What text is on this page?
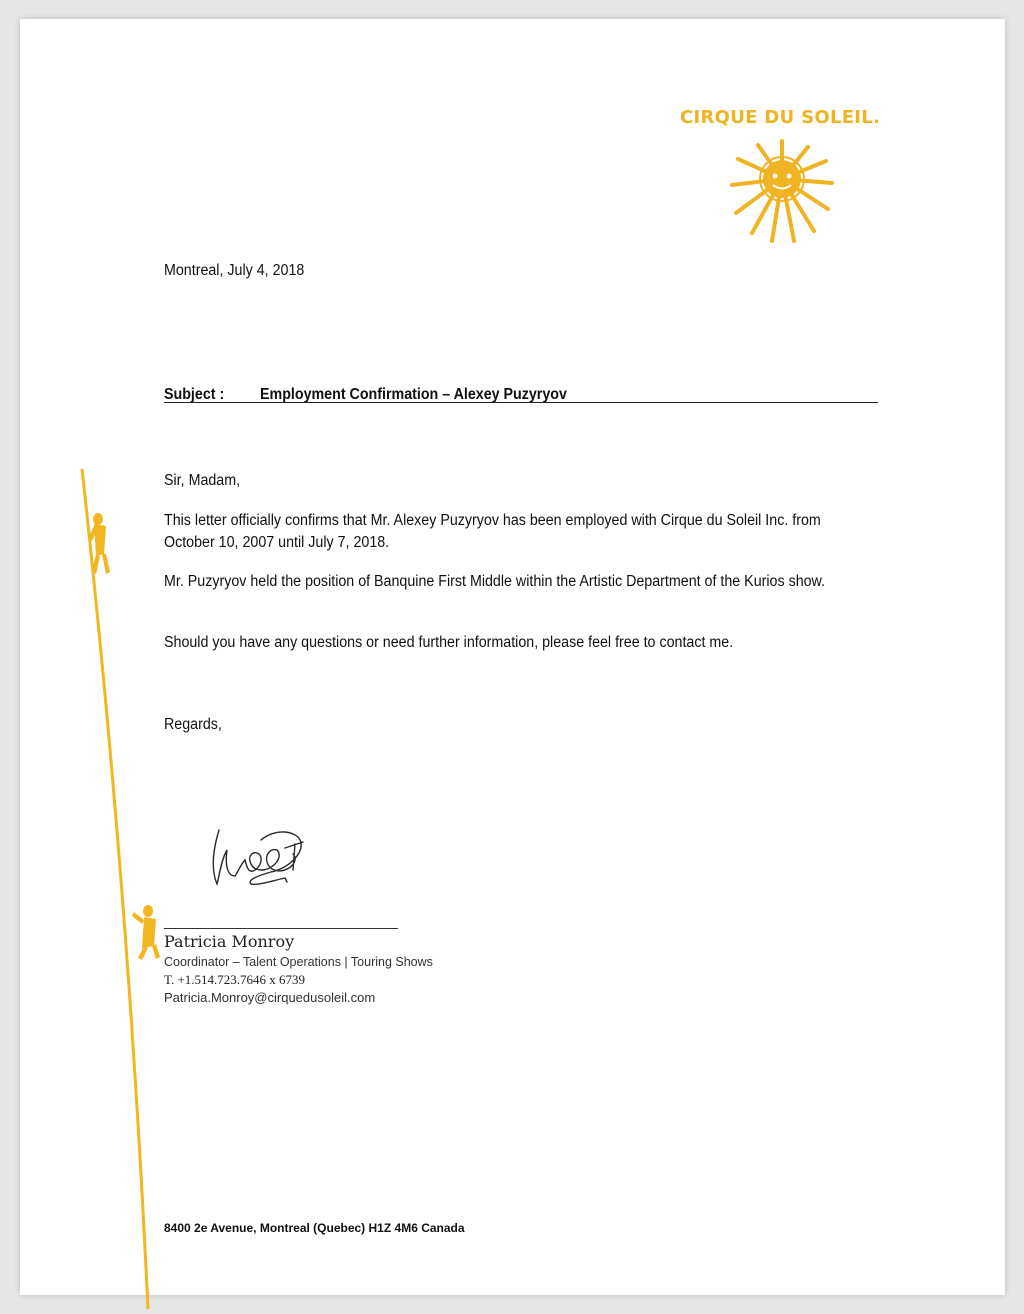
CIRQUE DU SOLEIL.
Montreal, July 4, 2018
Subject : Employment Confirmation – Alexey Puzyryov
Sir, Madam,
This letter officially confirms that Mr. Alexey Puzyryov has been employed with Cirque du Soleil Inc. from
October 10, 2007 until July 7, 2018.
Mr. Puzyryov held the position of Banquine First Middle within the Artistic Department of the Kurios show.
Should you have any questions or need further information, please feel free to contact me.
Regards,
Patricia Monroy
Coordinator – Talent Operations | Touring Shows
T. +1.514.723.7646 x 6739
Patricia.Monroy@cirquedusoleil.com
8400 2e Avenue, Montreal (Quebec) H1Z 4M6 Canada
